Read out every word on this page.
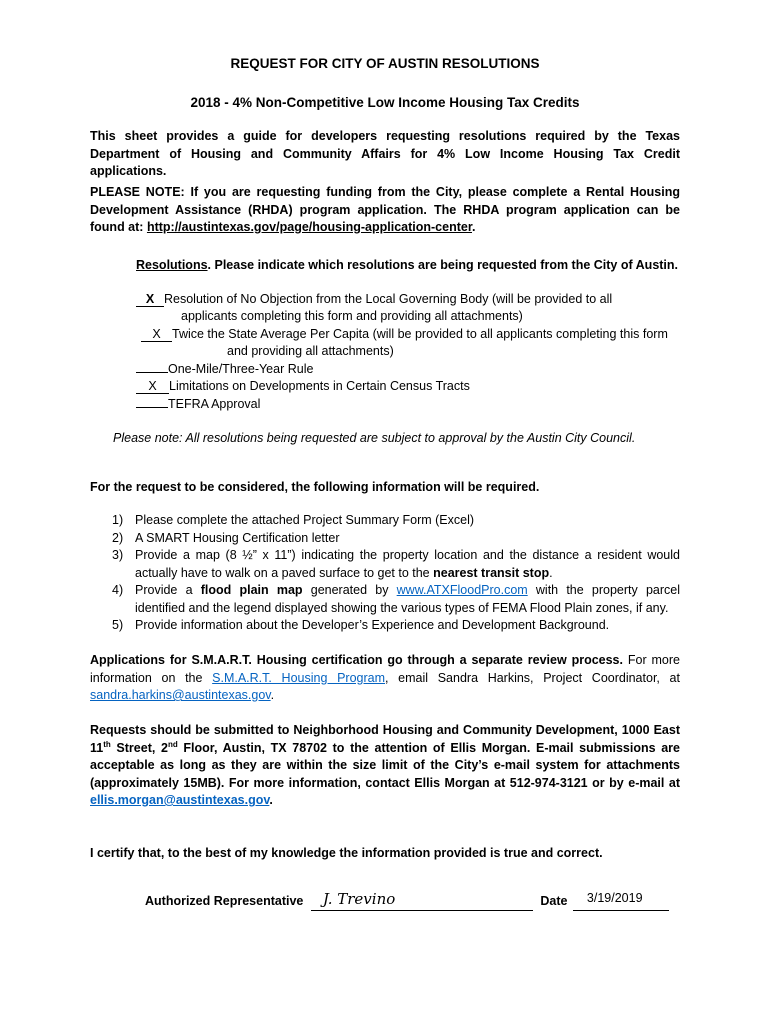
REQUEST FOR CITY OF AUSTIN RESOLUTIONS
2018 - 4% Non-Competitive Low Income Housing Tax Credits
This sheet provides a guide for developers requesting resolutions required by the Texas Department of Housing and Community Affairs for 4% Low Income Housing Tax Credit applications.
PLEASE NOTE: If you are requesting funding from the City, please complete a Rental Housing Development Assistance (RHDA) program application. The RHDA program application can be found at: http://austintexas.gov/page/housing-application-center.
Resolutions. Please indicate which resolutions are being requested from the City of Austin.
X Resolution of No Objection from the Local Governing Body (will be provided to all
applicants completing this form and providing all attachments)
X Twice the State Average Per Capita (will be provided to all applicants completing this form
and providing all attachments)
One-Mile/Three-Year Rule
X Limitations on Developments in Certain Census Tracts
TEFRA Approval
Please note: All resolutions being requested are subject to approval by the Austin City Council.
For the request to be considered, the following information will be required.
1) Please complete the attached Project Summary Form (Excel)
2) A SMART Housing Certification letter
3) Provide a map (8 ½” x 11”) indicating the property location and the distance a resident would actually have to walk on a paved surface to get to the nearest transit stop.
4) Provide a flood plain map generated by www.ATXFloodPro.com with the property parcel identified and the legend displayed showing the various types of FEMA Flood Plain zones, if any.
5) Provide information about the Developer’s Experience and Development Background.
Applications for S.M.A.R.T. Housing certification go through a separate review process. For more information on the S.M.A.R.T. Housing Program, email Sandra Harkins, Project Coordinator, at sandra.harkins@austintexas.gov.
Requests should be submitted to Neighborhood Housing and Community Development, 1000 East 11th Street, 2nd Floor, Austin, TX 78702 to the attention of Ellis Morgan. E-mail submissions are acceptable as long as they are within the size limit of the City’s e-mail system for attachments (approximately 15MB). For more information, contact Ellis Morgan at 512-974-3121 or by e-mail at ellis.morgan@austintexas.gov.
I certify that, to the best of my knowledge the information provided is true and correct.
Authorized Representative J. Trevino	Date 3/19/2019
